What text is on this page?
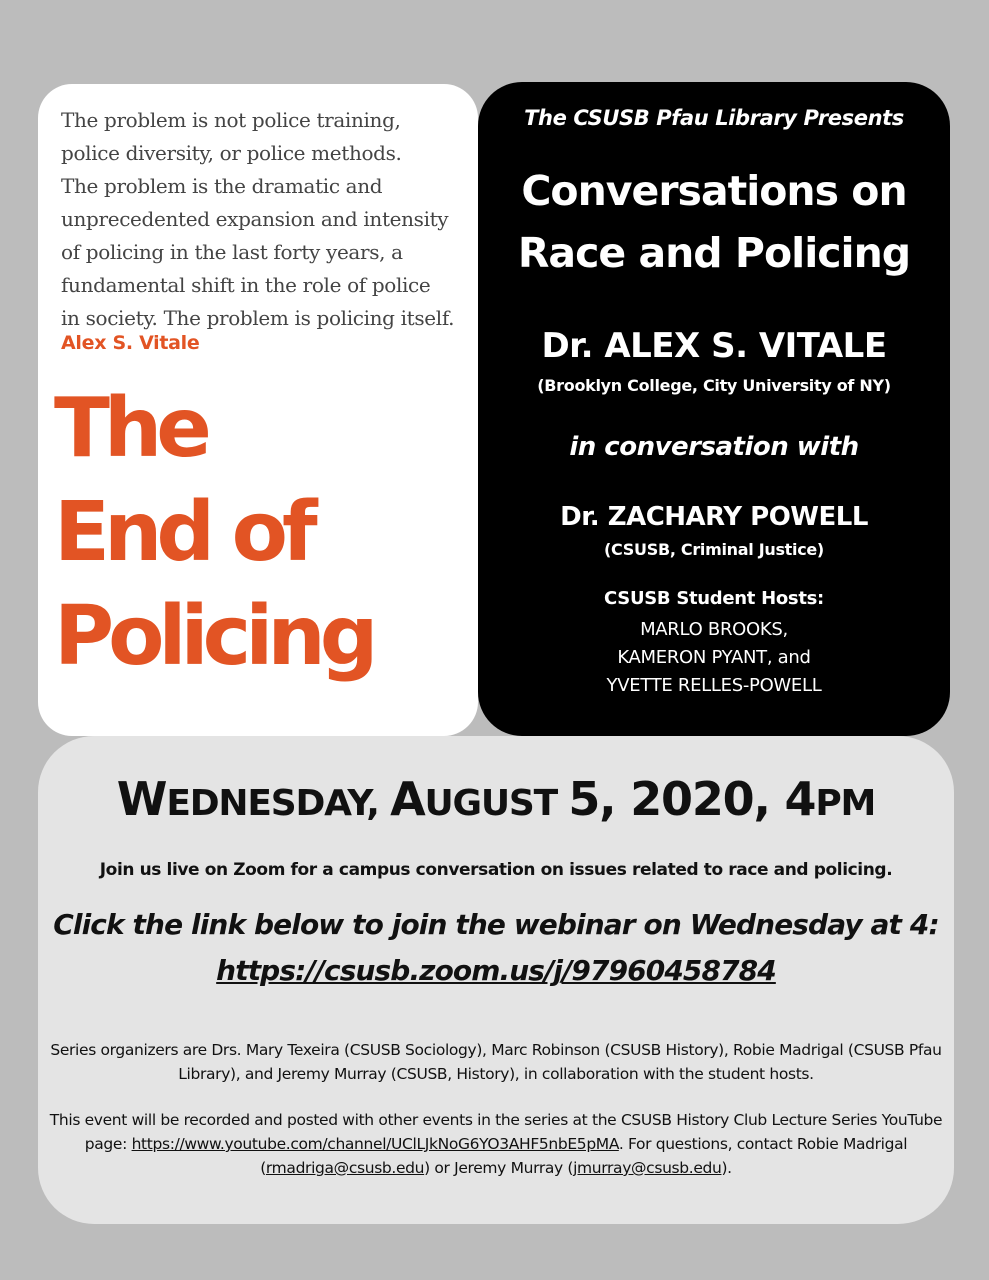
The problem is not police training,
police diversity, or police methods.
The problem is the dramatic and
unprecedented expansion and intensity
of policing in the last forty years, a
fundamental shift in the role of police
in society. The problem is policing itself.
Alex S. Vitale
The
End of
Policing
The CSUSB Pfau Library Presents
Conversations on
Race and Policing
Dr. ALEX S. VITALE
(Brooklyn College, City University of NY)
in conversation with
Dr. ZACHARY POWELL
(CSUSB, Criminal Justice)
CSUSB Student Hosts:
MARLO BROOKS,
KAMERON PYANT, and
YVETTE RELLES-POWELL
WEDNESDAY, AUGUST 5, 2020, 4PM
Join us live on Zoom for a campus conversation on issues related to race and policing.
Click the link below to join the webinar on Wednesday at 4:
https://csusb.zoom.us/j/97960458784
Series organizers are Drs. Mary Texeira (CSUSB Sociology), Marc Robinson (CSUSB History), Robie Madrigal (CSUSB Pfau Library), and Jeremy Murray (CSUSB, History), in collaboration with the student hosts.
This event will be recorded and posted with other events in the series at the CSUSB History Club Lecture Series YouTube page: https://www.youtube.com/channel/UClLJkNoG6YO3AHF5nbE5pMA. For questions, contact Robie Madrigal (rmadriga@csusb.edu) or Jeremy Murray (jmurray@csusb.edu).
